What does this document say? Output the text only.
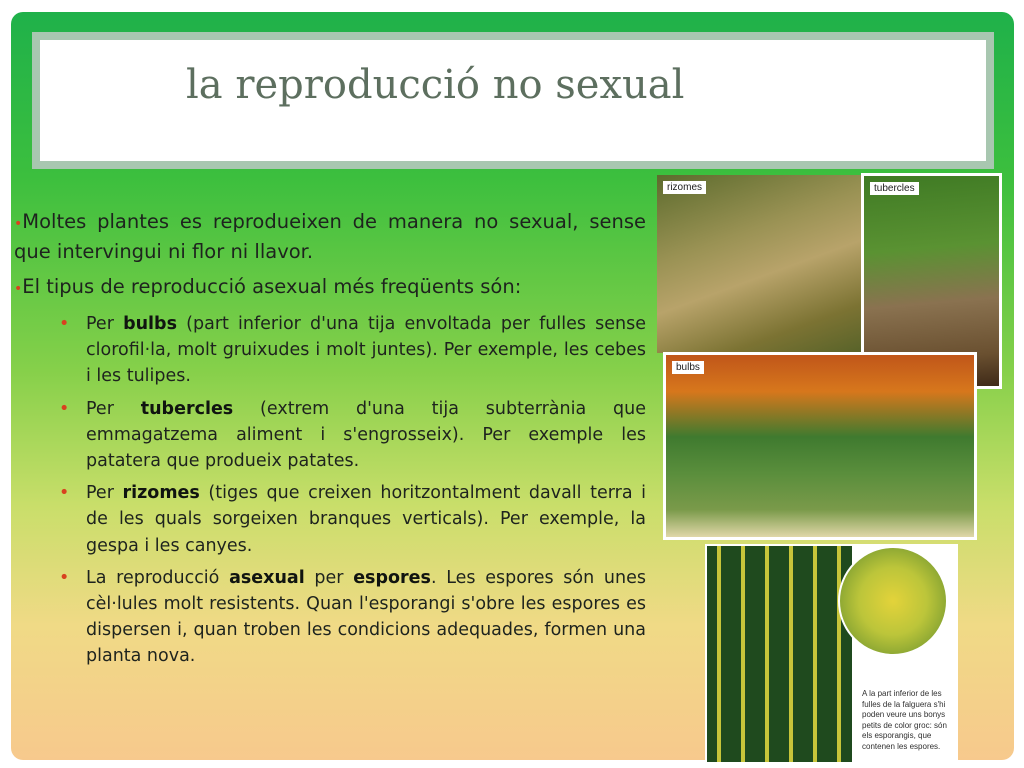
la reproducció no sexual

•Moltes plantes es reprodueixen de manera no sexual, sense que intervingui ni flor ni llavor.

•El tipus de reproducció asexual més freqüents són:

• Per bulbs (part inferior d'una tija envoltada per fulles sense clorofil·la, molt gruixudes i molt juntes). Per exemple, les cebes i les tulipes.
• Per tubercles (extrem d'una tija subterrània que emmagatzema aliment i s'engrosseix). Per exemple les patatera que produeix patates.
• Per rizomes (tiges que creixen horitzontalment davall terra i de les quals sorgeixen branques verticals). Per exemple, la gespa i les canyes.
• La reproducció asexual per espores. Les espores són unes cèl·lules molt resistents. Quan l'esporangi s'obre les espores es dispersen i, quan troben les condicions adequades, formen una planta nova.
rizomes	tubercles
bulbs
A la part inferior de les fulles de la falguera s'hi poden veure uns bonys petits de color groc: són els esporangis, que contenen les espores.
